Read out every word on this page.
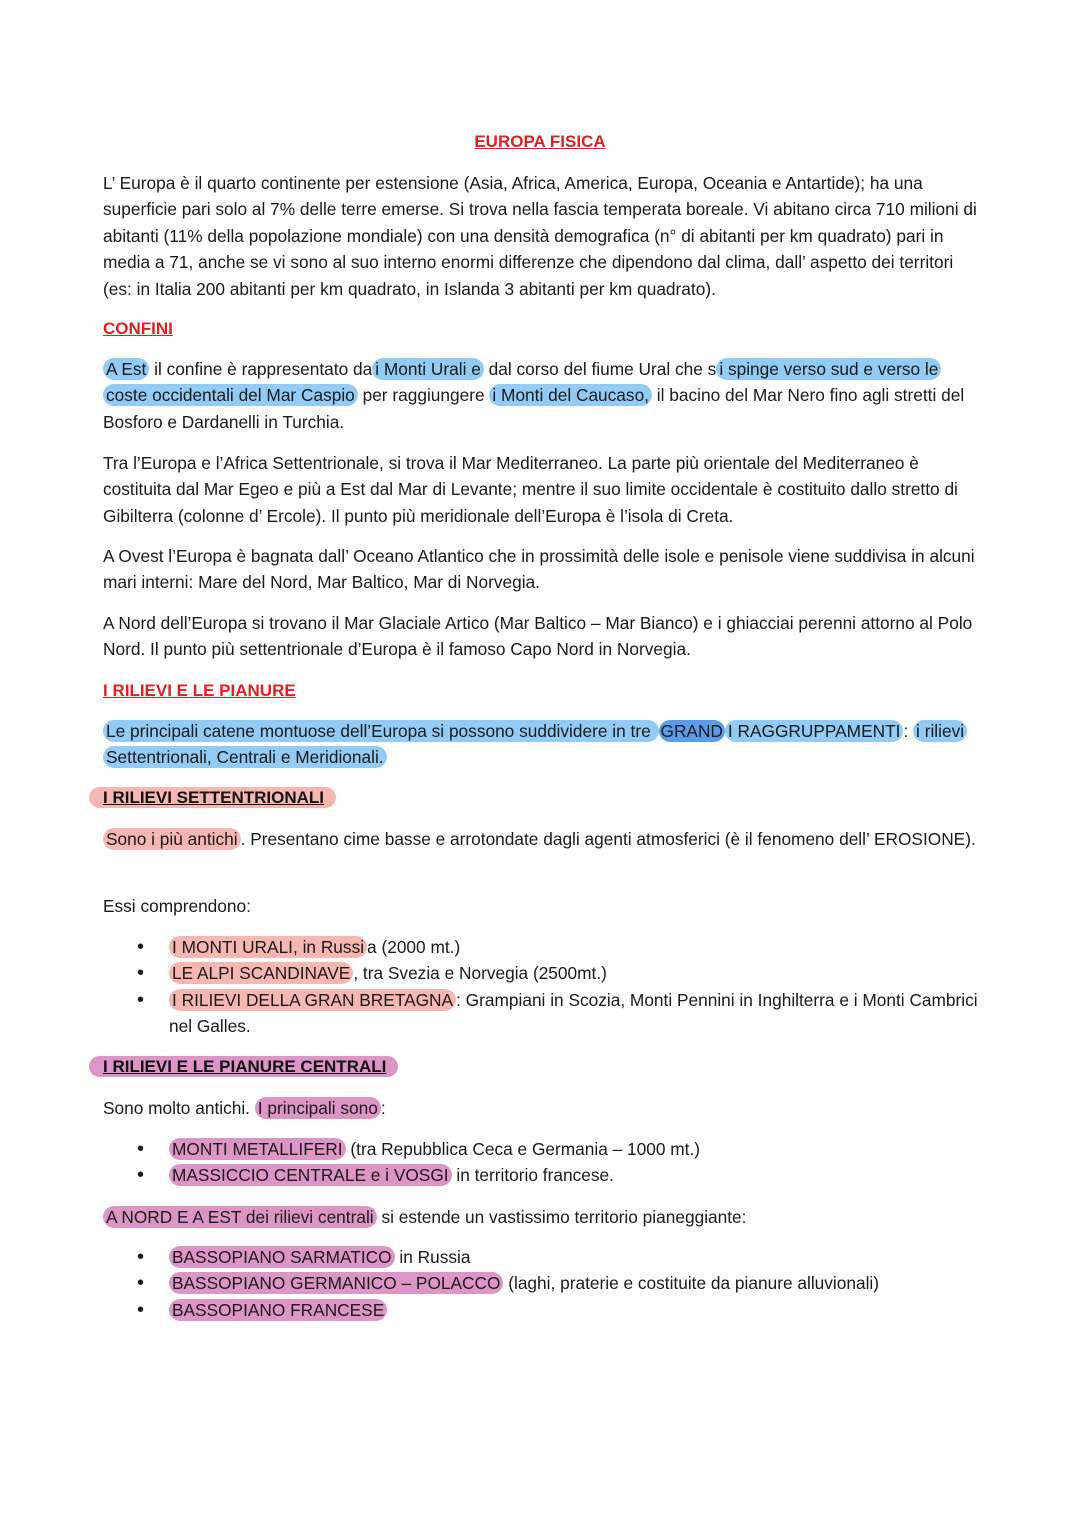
EUROPA FISICA

L’ Europa è il quarto continente per estensione (Asia, Africa, America, Europa, Oceania e Antartide); ha una superficie pari solo al 7% delle terre emerse. Si trova nella fascia temperata boreale. Vi abitano circa 710 milioni di abitanti (11% della popolazione mondiale) con una densità demografica (n° di abitanti per km quadrato) pari in media a 71, anche se vi sono al suo interno enormi differenze che dipendono dal clima, dall’ aspetto dei territori (es: in Italia 200 abitanti per km quadrato, in Islanda 3 abitanti per km quadrato).

CONFINI

A Est il confine è rappresentato da i Monti Urali e dal corso del fiume Ural che s i spinge verso sud e verso le coste occidentali del Mar Caspio per raggiungere i Monti del Caucaso, il bacino del Mar Nero fino agli stretti del Bosforo e Dardanelli in Turchia.

Tra l’Europa e l’Africa Settentrionale, si trova il Mar Mediterraneo. La parte più orientale del Mediterraneo è costituita dal Mar Egeo e più a Est dal Mar di Levante; mentre il suo limite occidentale è costituito dallo stretto di Gibilterra (colonne d’ Ercole). Il punto più meridionale dell’Europa è l’isola di Creta.

A Ovest l’Europa è bagnata dall’ Oceano Atlantico che in prossimità delle isole e penisole viene suddivisa in alcuni mari interni: Mare del Nord, Mar Baltico, Mar di Norvegia.

A Nord dell’Europa si trovano il Mar Glaciale Artico (Mar Baltico – Mar Bianco) e i ghiacciai perenni attorno al Polo Nord. Il punto più settentrionale d’Europa è il famoso Capo Nord in Norvegia.

I RILIEVI E LE PIANURE

Le principali catene montuose dell’Europa si possono suddividere in tre GRAND I RAGGRUPPAMENTI : i rilievi Settentrionali, Centrali e Meridionali.

I RILIEVI SETTENTRIONALI

Sono i più antichi . Presentano cime basse e arrotondate dagli agenti atmosferici (è il fenomeno dell’ EROSIONE).

Essi comprendono:

• I MONTI URALI, in Russi a (2000 mt.)
• LE ALPI SCANDINAVE , tra Svezia e Norvegia (2500mt.)
• I RILIEVI DELLA GRAN BRETAGNA : Grampiani in Scozia, Monti Pennini in Inghilterra e i Monti Cambrici nel Galles.
I RILIEVI E LE PIANURE CENTRALI

Sono molto antichi. I principali sono :

• MONTI METALLIFERI (tra Repubblica Ceca e Germania – 1000 mt.)
• MASSICCIO CENTRALE e i VOSGI in territorio francese.

A NORD E A EST dei rilievi centrali si estende un vastissimo territorio pianeggiante:

• BASSOPIANO SARMATICO in Russia
• BASSOPIANO GERMANICO – POLACCO (laghi, praterie e costituite da pianure alluvionali)
• BASSOPIANO FRANCESE
